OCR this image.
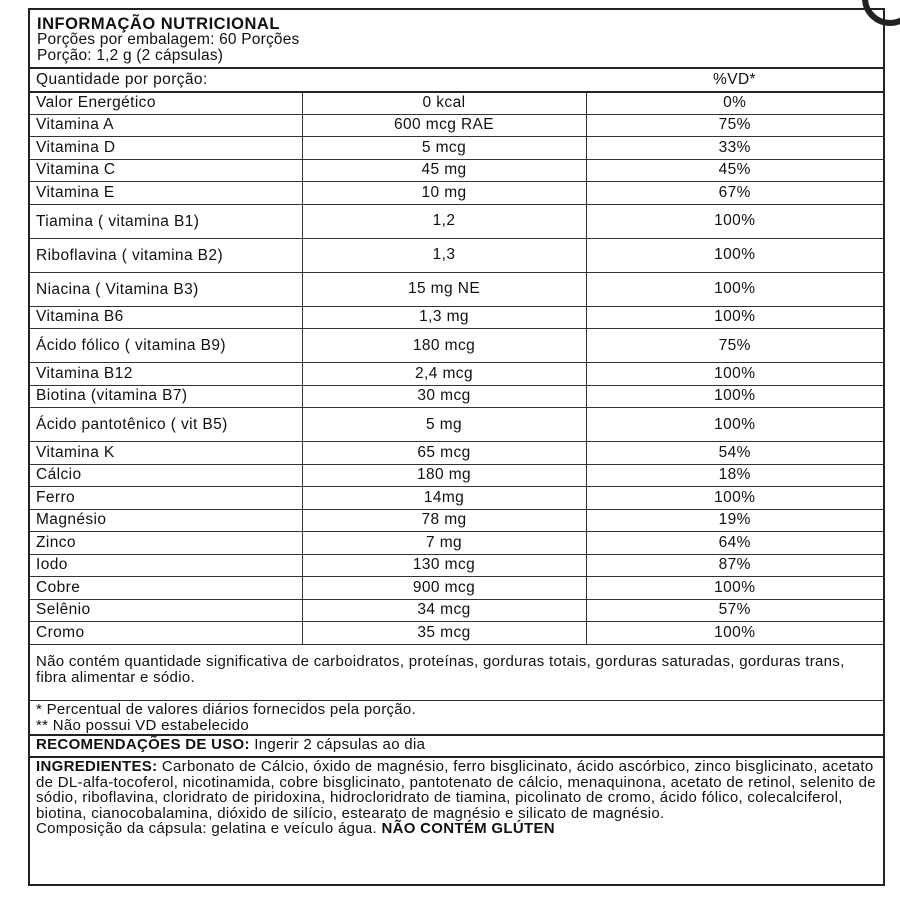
INFORMAÇÃO NUTRICIONAL
Porções por embalagem: 60 Porções
Porção: 1,2 g (2 cápsulas)
Quantidade por porção:		%VD*
Valor Energético	0 kcal	0%
Vitamina A	600 mcg RAE	75%
Vitamina D	5 mcg	33%
Vitamina C	45 mg	45%
Vitamina E	10 mg	67%
Tiamina ( vitamina B1)	1,2	100%
Riboflavina ( vitamina B2)	1,3	100%
Niacina ( Vitamina B3)	15 mg NE	100%
Vitamina B6	1,3 mg	100%
Ácido fólico ( vitamina B9)	180 mcg	75%
Vitamina B12	2,4 mcg	100%
Biotina (vitamina B7)	30 mcg	100%
Ácido pantotênico ( vit B5)	5 mg	100%
Vitamina K	65 mcg	54%
Cálcio	180 mg	18%
Ferro	14mg	100%
Magnésio	78 mg	19%
Zinco	7 mg	64%
Iodo	130 mcg	87%
Cobre	900 mcg	100%
Selênio	34 mcg	57%
Cromo	35 mcg	100%
Não contém quantidade significativa de carboidratos, proteínas, gorduras totais, gorduras saturadas, gorduras trans, fibra alimentar e sódio.
* Percentual de valores diários fornecidos pela porção.
** Não possui VD estabelecido
RECOMENDAÇÕES DE USO: Ingerir 2 cápsulas ao dia
INGREDIENTES: Carbonato de Cálcio, óxido de magnésio, ferro bisglicinato, ácido ascórbico, zinco bisglicinato, acetato de DL-alfa-tocoferol, nicotinamida, cobre bisglicinato, pantotenato de cálcio, menaquinona, acetato de retinol, selenito de sódio, riboflavina, cloridrato de piridoxina, hidrocloridrato de tiamina, picolinato de cromo, ácido fólico, colecalciferol, biotina, cianocobalamina, dióxido de silício, estearato de magnésio e silicato de magnésio.
Composição da cápsula: gelatina e veículo água. NÃO CONTÉM GLÚTEN
